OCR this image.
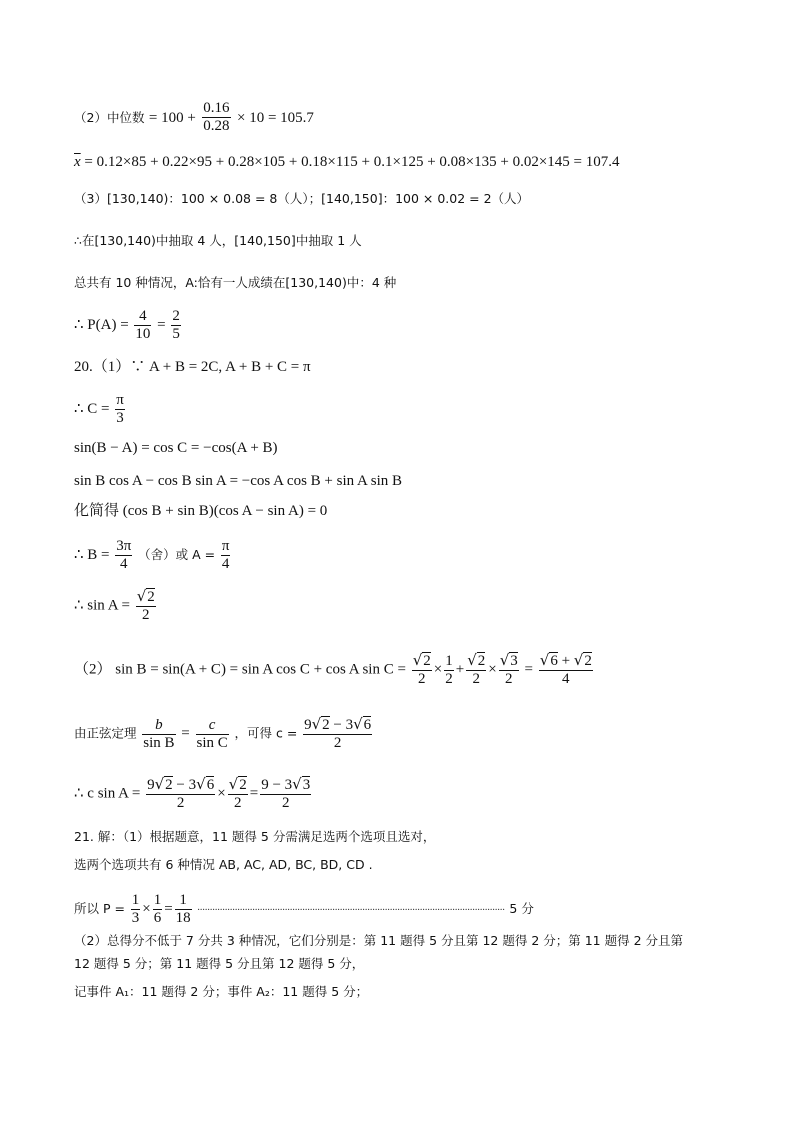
（2）中位数 = $100 + \frac{0.16}{0.28} \times 10 = 105.7$
$\overline{x} = 0.12\times 85 + 0.22\times 95 + 0.28\times 105 + 0.18\times 115 + 0.1\times 125 + 0.08\times 135 + 0.02\times 145 = 107.4$
（3）[130,140)：100 × 0.08 = 8（人）；[140,150]：100 × 0.02 = 2（人）
∴在[130,140)中抽取 4 人，[140,150]中抽取 1 人
总共有 10 种情况，A:恰有一人成绩在[130,140)中：4 种
∴ $P(A) = \frac{4}{10} = \frac{2}{5}$
20.（1）∵ A + B = 2C, A + B + C = π
∴ $C = \frac{\pi}{3}$
sin(B − A) = cos C = −cos(A + B)
sin B cos A − cos B sin A = −cos A cos B + sin A sin B
化简得 (cos B + sin B)(cos A − sin A) = 0
∴ $B = \frac{3\pi}{4}$ （舍）或 $A = \frac{\pi}{4}$
∴ $\sin A = \frac{√2}{2}$
（2） sin B = sin(A + C) = sin A cos C + cos A $\sin C = \frac{√2}{2} \times \frac{1}{2} + \frac{√2}{2} \times \frac{√3}{2} = \frac{√6 + √2}{4}$
由正弦定理 $\frac{b}{\text{sin B}} = \frac{c}{\text{sin C}}$ ，可得 $c = \frac{9√2 - 3√6}{2}$
∴ c $\sin A = \frac{9√2 - 3√6}{2} \times \frac{√2}{2} = \frac{9 - 3√3}{2}$
21. 解：（1）根据题意，11 题得 5 分需满足选两个选项且选对，
选两个选项共有 6 种情况 AB, AC, AD, BC, BD, CD .
所以 $P = \frac{1}{3} \times \frac{1}{6} = \frac{1}{18}$ ........................................................................................................................... 5 分
（2）总得分不低于 7 分共 3 种情况，它们分别是：第 11 题得 5 分且第 12 题得 2 分；第 11 题得 2 分且第
12 题得 5 分；第 11 题得 5 分且第 12 题得 5 分，
记事件 A₁：11 题得 2 分；事件 A₂：11 题得 5 分；
